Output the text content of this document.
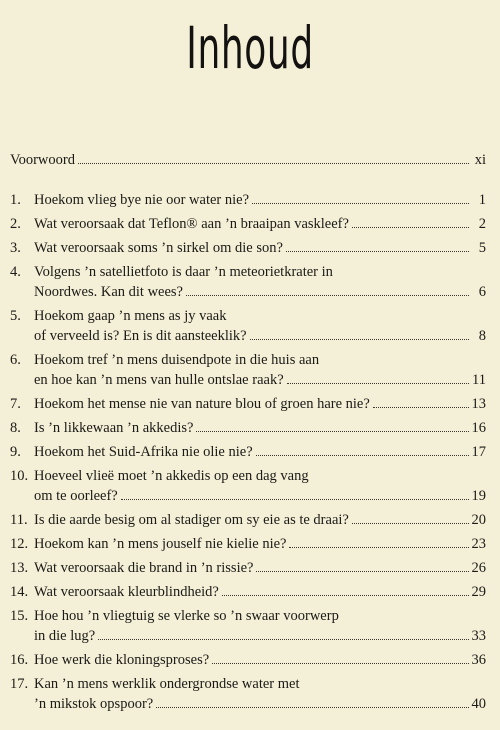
Inhoud
Voorwoord	xi
1. Hoekom vlieg bye nie oor water nie?	1
2. Wat veroorsaak dat Teflon® aan ’n braaipan vaskleef?	2
3. Wat veroorsaak soms ’n sirkel om die son?	5
4. Volgens ’n satellietfoto is daar ’n meteorietkrater in
Noordwes. Kan dit wees?	6
5. Hoekom gaap ’n mens as jy vaak
of verveeld is? En is dit aansteeklik?	8
6. Hoekom tref ’n mens duisendpote in die huis aan
en hoe kan ’n mens van hulle ontslae raak?	11
7. Hoekom het mense nie van nature blou of groen hare nie?	13
8. Is ’n likkewaan ’n akkedis?	16
9. Hoekom het Suid-Afrika nie olie nie?	17
10. Hoeveel vlieë moet ’n akkedis op een dag vang
om te oorleef?	19
11. Is die aarde besig om al stadiger om sy eie as te draai?	20
12. Hoekom kan ’n mens jouself nie kielie nie?	23
13. Wat veroorsaak die brand in ’n rissie?	26
14. Wat veroorsaak kleurblindheid?	29
15. Hoe hou ’n vliegtuig se vlerke so ’n swaar voorwerp
in die lug?	33
16. Hoe werk die kloningsproses?	36
17. Kan ’n mens werklik ondergrondse water met
’n mikstok opspoor?	40
